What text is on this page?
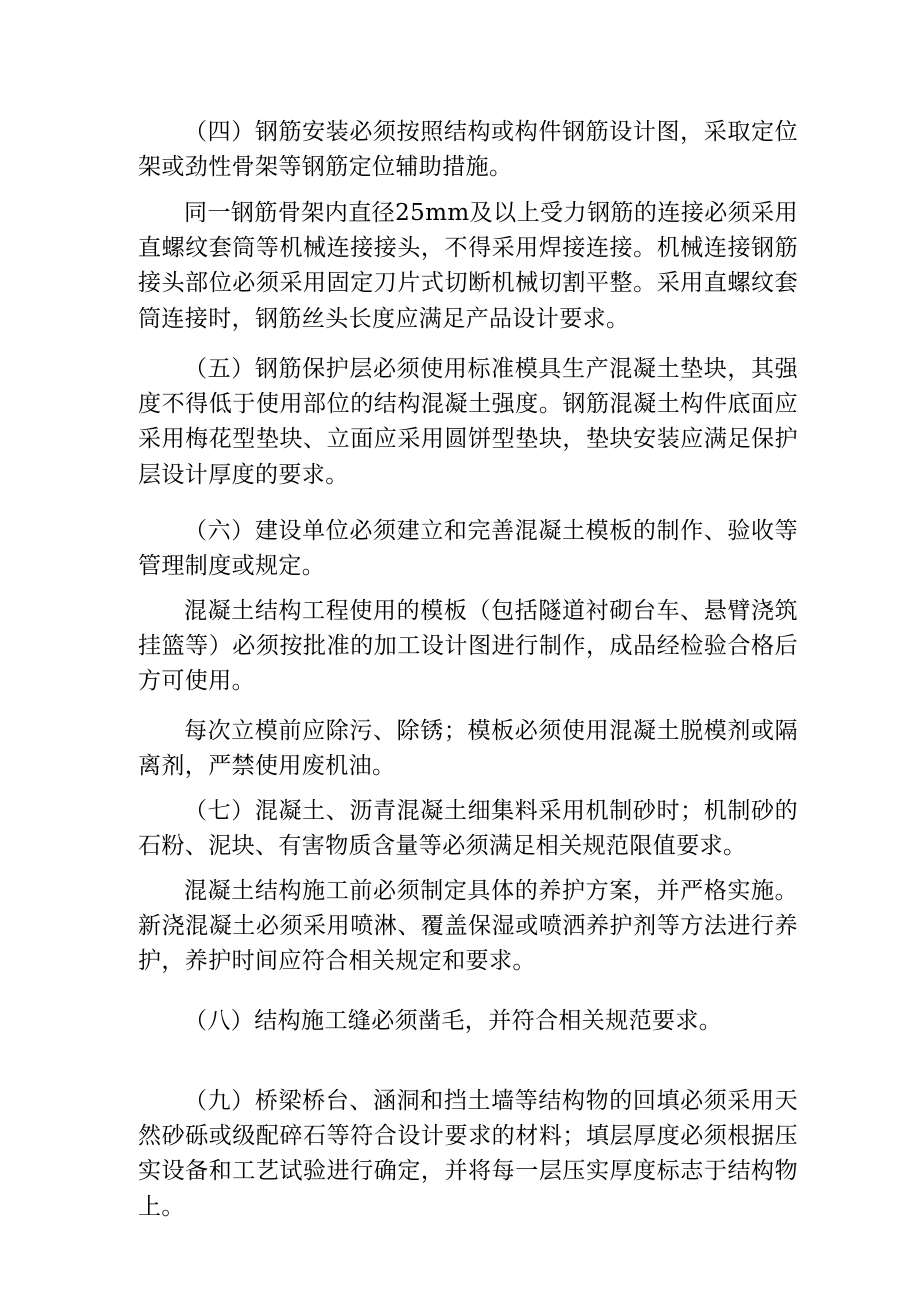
（四）钢筋安装必须按照结构或构件钢筋设计图，采取定位架或劲性骨架等钢筋定位辅助措施。

同一钢筋骨架内直径25mm及以上受力钢筋的连接必须采用直螺纹套筒等机械连接接头，不得采用焊接连接。机械连接钢筋接头部位必须采用固定刀片式切断机械切割平整。采用直螺纹套筒连接时，钢筋丝头长度应满足产品设计要求。

（五）钢筋保护层必须使用标准模具生产混凝土垫块，其强度不得低于使用部位的结构混凝土强度。钢筋混凝土构件底面应采用梅花型垫块、立面应采用圆饼型垫块，垫块安装应满足保护层设计厚度的要求。

（六）建设单位必须建立和完善混凝土模板的制作、验收等管理制度或规定。

混凝土结构工程使用的模板（包括隧道衬砌台车、悬臂浇筑挂篮等）必须按批准的加工设计图进行制作，成品经检验合格后方可使用。

每次立模前应除污、除锈；模板必须使用混凝土脱模剂或隔离剂，严禁使用废机油。

（七）混凝土、沥青混凝土细集料采用机制砂时；机制砂的石粉、泥块、有害物质含量等必须满足相关规范限值要求。

混凝土结构施工前必须制定具体的养护方案，并严格实施。新浇混凝土必须采用喷淋、覆盖保湿或喷洒养护剂等方法进行养护，养护时间应符合相关规定和要求。

（八）结构施工缝必须凿毛，并符合相关规范要求。

（九）桥梁桥台、涵洞和挡土墙等结构物的回填必须采用天然砂砾或级配碎石等符合设计要求的材料；填层厚度必须根据压实设备和工艺试验进行确定，并将每一层压实厚度标志于结构物上。
